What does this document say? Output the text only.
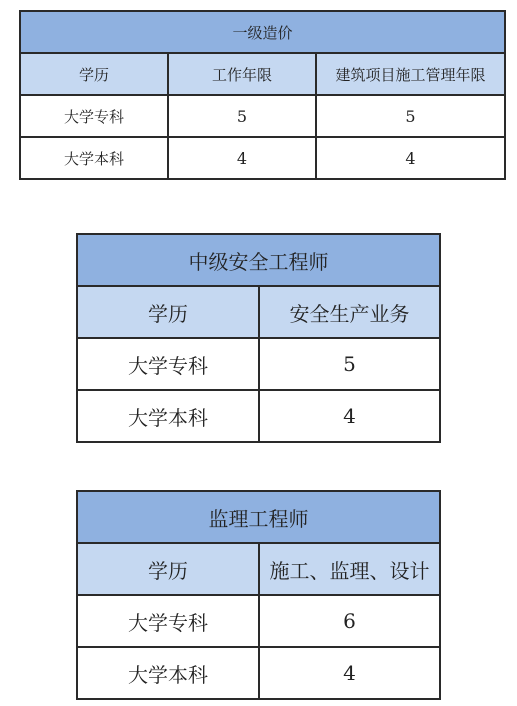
一级造价		
学历	工作年限	建筑项目施工管理年限
大学专科	5	5
大学本科	4	4
中级安全工程师	
学历	安全生产业务
大学专科	5
大学本科	4
监理工程师	
学历	施工、监理、设计
大学专科	6
大学本科	4
